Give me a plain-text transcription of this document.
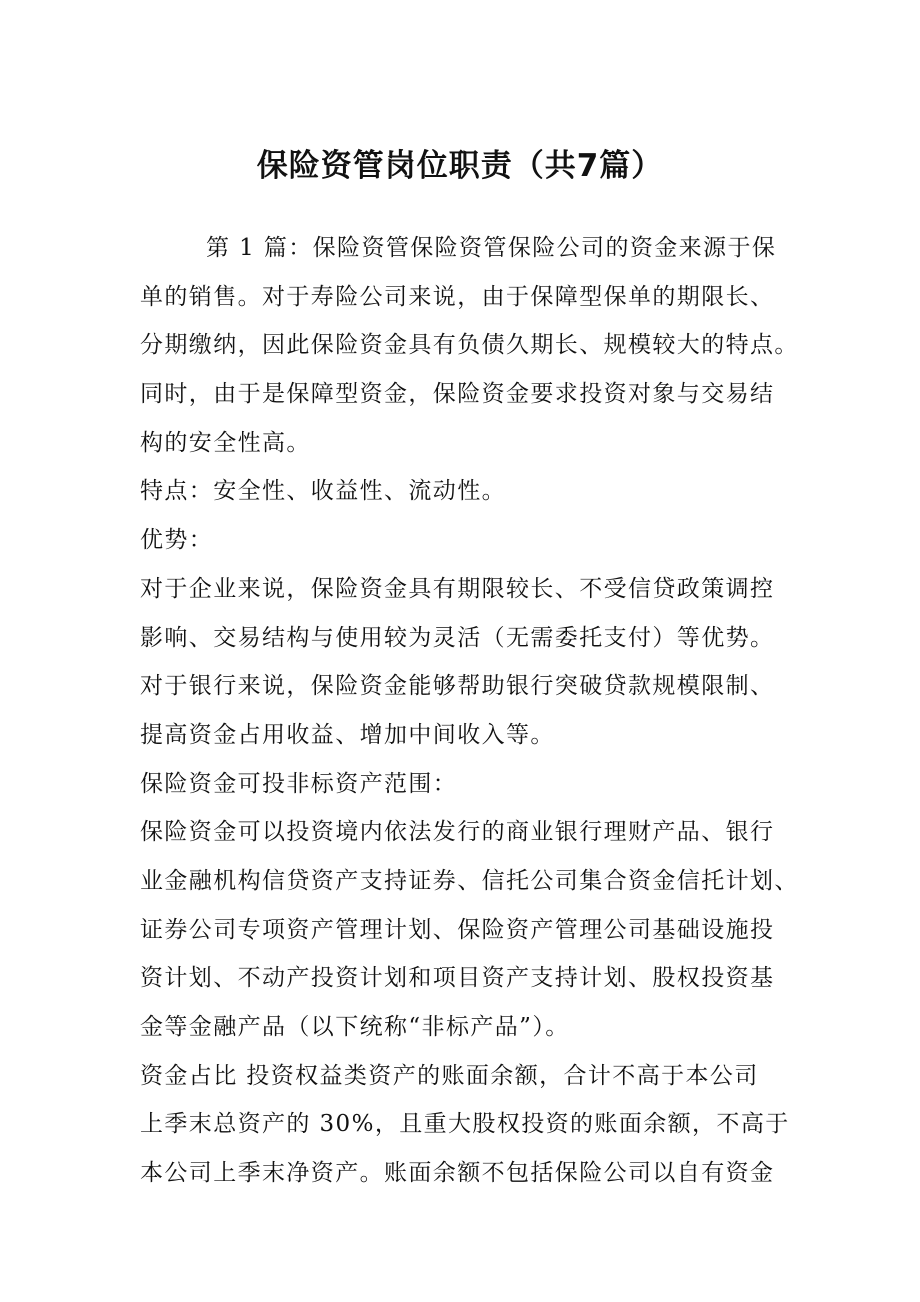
保险资管岗位职责（共7篇）
第 1 篇：保险资管保险资管保险公司的资金来源于保
单的销售。对于寿险公司来说，由于保障型保单的期限长、
分期缴纳，因此保险资金具有负债久期长、规模较大的特点。
同时，由于是保障型资金，保险资金要求投资对象与交易结
构的安全性高。
特点：安全性、收益性、流动性。
优势：
对于企业来说，保险资金具有期限较长、不受信贷政策调控
影响、交易结构与使用较为灵活（无需委托支付）等优势。
对于银行来说，保险资金能够帮助银行突破贷款规模限制、
提高资金占用收益、增加中间收入等。
保险资金可投非标资产范围：
保险资金可以投资境内依法发行的商业银行理财产品、银行
业金融机构信贷资产支持证券、信托公司集合资金信托计划、
证券公司专项资产管理计划、保险资产管理公司基础设施投
资计划、不动产投资计划和项目资产支持计划、股权投资基
金等金融产品（以下统称“非标产品”）。
资金占比 投资权益类资产的账面余额，合计不高于本公司
上季末总资产的 30%，且重大股权投资的账面余额，不高于
本公司上季末净资产。账面余额不包括保险公司以自有资金
